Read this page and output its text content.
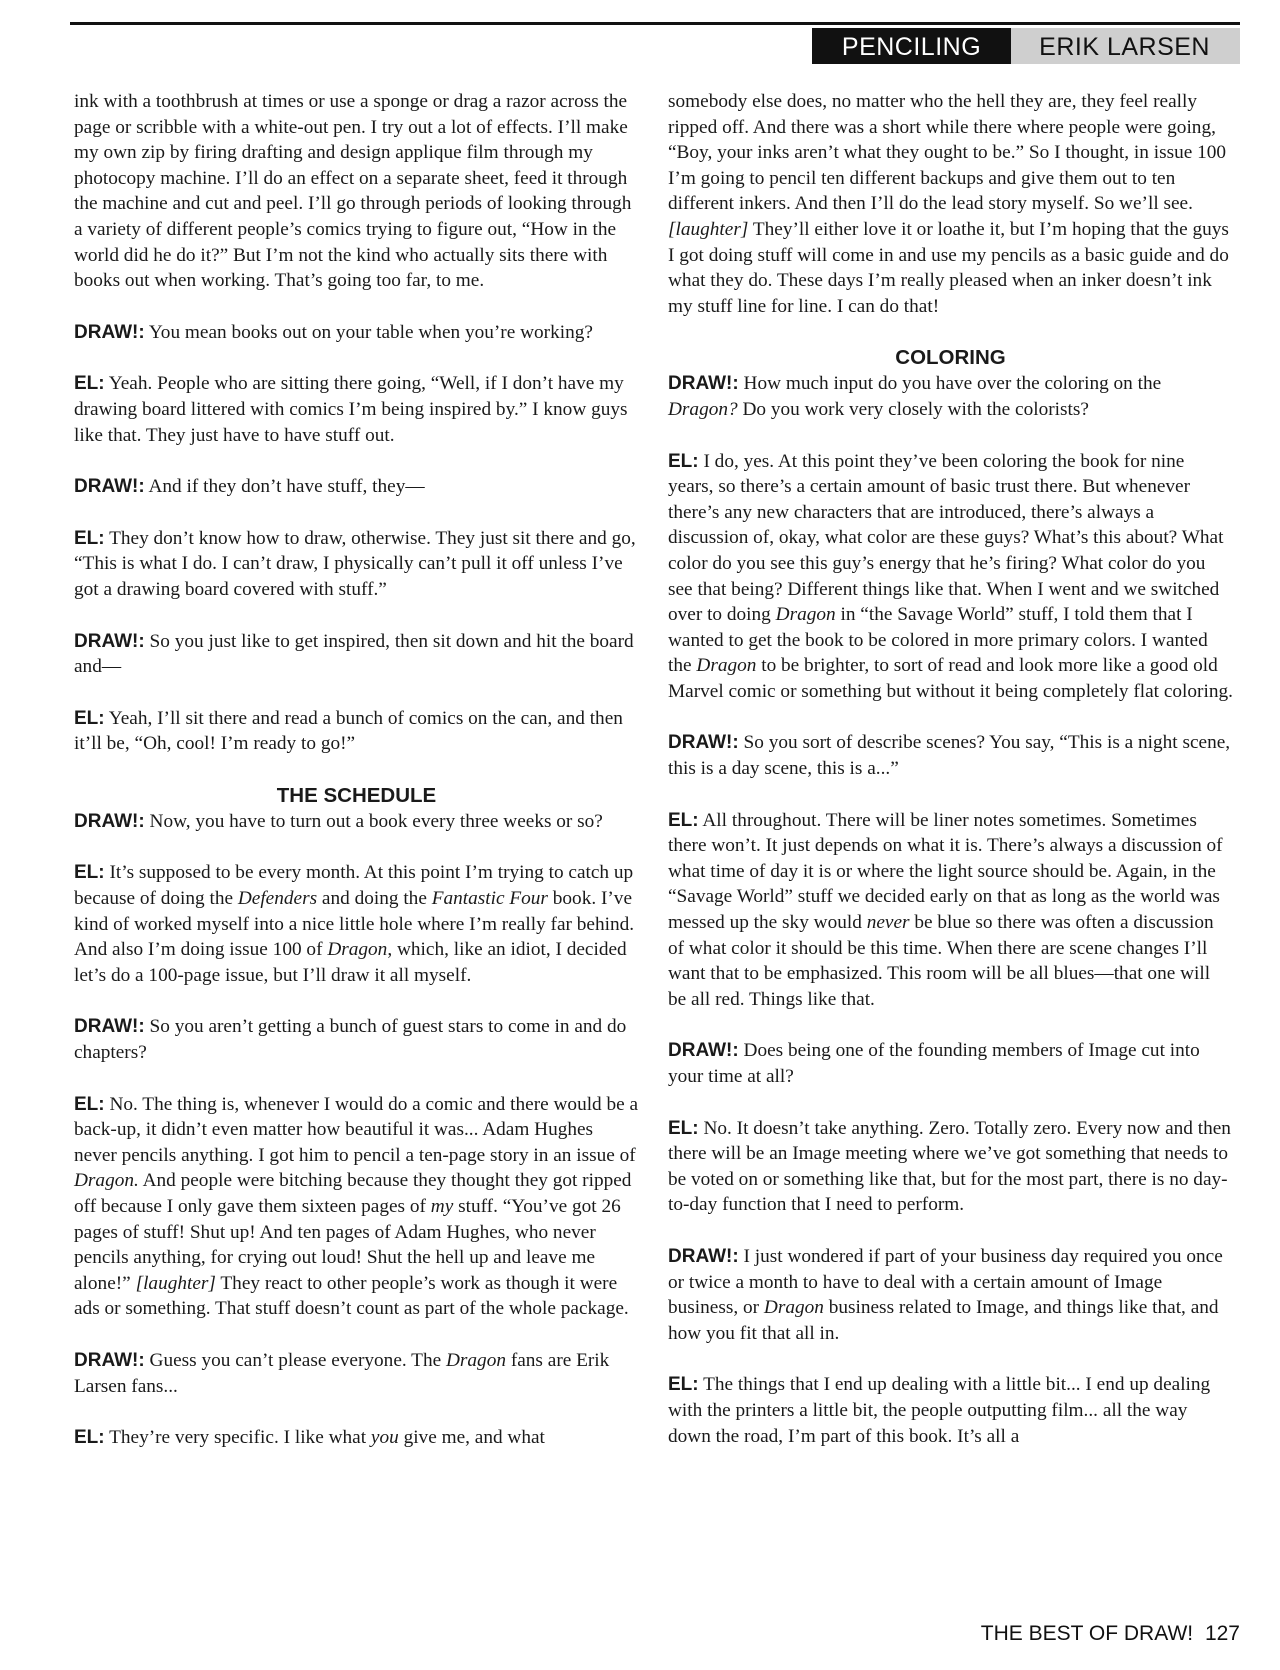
PENCILING	ERIK LARSEN

ink with a toothbrush at times or use a sponge or drag a razor across the page or scribble with a white-out pen. I try out a lot of effects. I’ll make my own zip by firing drafting and design applique film through my photocopy machine. I’ll do an effect on a separate sheet, feed it through the machine and cut and peel. I’ll go through periods of looking through a variety of different people’s comics trying to figure out, “How in the world did he do it?” But I’m not the kind who actually sits there with books out when working. That’s going too far, to me.

DRAW!: You mean books out on your table when you’re working?

EL: Yeah. People who are sitting there going, “Well, if I don’t have my drawing board littered with comics I’m being inspired by.” I know guys like that. They just have to have stuff out.

DRAW!: And if they don’t have stuff, they—

EL: They don’t know how to draw, otherwise. They just sit there and go, “This is what I do. I can’t draw, I physically can’t pull it off unless I’ve got a drawing board covered with stuff.”

DRAW!: So you just like to get inspired, then sit down and hit the board and—

EL: Yeah, I’ll sit there and read a bunch of comics on the can, and then it’ll be, “Oh, cool! I’m ready to go!”

THE SCHEDULE

DRAW!: Now, you have to turn out a book every three weeks or so?

EL: It’s supposed to be every month. At this point I’m trying to catch up because of doing the Defenders and doing the Fantastic Four book. I’ve kind of worked myself into a nice little hole where I’m really far behind. And also I’m doing issue 100 of Dragon, which, like an idiot, I decided let’s do a 100-page issue, but I’ll draw it all myself.

DRAW!: So you aren’t getting a bunch of guest stars to come in and do chapters?

EL: No. The thing is, whenever I would do a comic and there would be a back-up, it didn’t even matter how beautiful it was... Adam Hughes never pencils anything. I got him to pencil a ten-page story in an issue of Dragon. And people were bitching because they thought they got ripped off because I only gave them sixteen pages of my stuff. “You’ve got 26 pages of stuff! Shut up! And ten pages of Adam Hughes, who never pencils anything, for crying out loud! Shut the hell up and leave me alone!” [laughter] They react to other people’s work as though it were ads or something. That stuff doesn’t count as part of the whole package.

DRAW!: Guess you can’t please everyone. The Dragon fans are Erik Larsen fans...

EL: They’re very specific. I like what you give me, and what

somebody else does, no matter who the hell they are, they feel really ripped off. And there was a short while there where people were going, “Boy, your inks aren’t what they ought to be.” So I thought, in issue 100 I’m going to pencil ten different backups and give them out to ten different inkers. And then I’ll do the lead story myself. So we’ll see. [laughter] They’ll either love it or loathe it, but I’m hoping that the guys I got doing stuff will come in and use my pencils as a basic guide and do what they do. These days I’m really pleased when an inker doesn’t ink my stuff line for line. I can do that!

COLORING

DRAW!: How much input do you have over the coloring on the Dragon? Do you work very closely with the colorists?

EL: I do, yes. At this point they’ve been coloring the book for nine years, so there’s a certain amount of basic trust there. But whenever there’s any new characters that are introduced, there’s always a discussion of, okay, what color are these guys? What’s this about? What color do you see this guy’s energy that he’s firing? What color do you see that being? Different things like that. When I went and we switched over to doing Dragon in “the Savage World” stuff, I told them that I wanted to get the book to be colored in more primary colors. I wanted the Dragon to be brighter, to sort of read and look more like a good old Marvel comic or something but without it being completely flat coloring.

DRAW!: So you sort of describe scenes? You say, “This is a night scene, this is a day scene, this is a...”

EL: All throughout. There will be liner notes sometimes. Sometimes there won’t. It just depends on what it is. There’s always a discussion of what time of day it is or where the light source should be. Again, in the “Savage World” stuff we decided early on that as long as the world was messed up the sky would never be blue so there was often a discussion of what color it should be this time. When there are scene changes I’ll want that to be emphasized. This room will be all blues—that one will be all red. Things like that.

DRAW!: Does being one of the founding members of Image cut into your time at all?

EL: No. It doesn’t take anything. Zero. Totally zero. Every now and then there will be an Image meeting where we’ve got something that needs to be voted on or something like that, but for the most part, there is no day-to-day function that I need to perform.

DRAW!: I just wondered if part of your business day required you once or twice a month to have to deal with a certain amount of Image business, or Dragon business related to Image, and things like that, and how you fit that all in.

EL: The things that I end up dealing with a little bit... I end up dealing with the printers a little bit, the people outputting film... all the way down the road, I’m part of this book. It’s all a

THE BEST OF DRAW! 127
